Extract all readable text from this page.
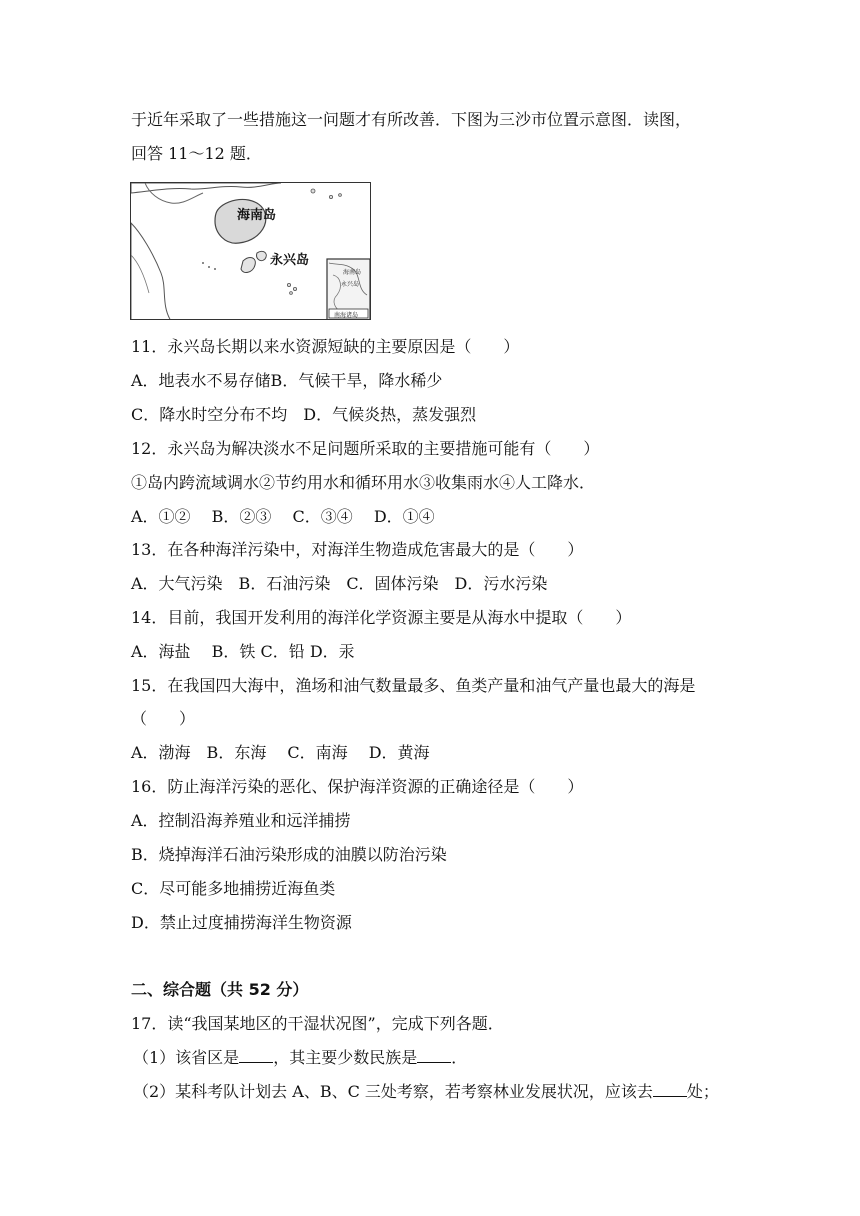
于近年采取了一些措施这一问题才有所改善．下图为三沙市位置示意图．读图，
回答 11～12 题．
海南岛
永兴岛
海南岛
永兴岛
南海诸岛
11．永兴岛长期以来水资源短缺的主要原因是（　　）
A．地表水不易存储B．气候干旱，降水稀少
C．降水时空分布不均　D．气候炎热，蒸发强烈
12．永兴岛为解决淡水不足问题所采取的主要措施可能有（　　）
①岛内跨流域调水②节约用水和循环用水③收集雨水④人工降水．
A．①②　 B．②③　 C．③④　 D．①④
13．在各种海洋污染中，对海洋生物造成危害最大的是（　　）
A．大气污染　B．石油污染　C．固体污染　D．污水污染
14．目前，我国开发利用的海洋化学资源主要是从海水中提取（　　）
A．海盐　 B．铁 C．铅 D．汞
15．在我国四大海中，渔场和油气数量最多、鱼类产量和油气产量也最大的海是
（　　）
A．渤海　B．东海　 C．南海　 D．黄海
16．防止海洋污染的恶化、保护海洋资源的正确途径是（　　）
A．控制沿海养殖业和远洋捕捞
B．烧掉海洋石油污染形成的油膜以防治污染
C．尽可能多地捕捞近海鱼类
D．禁止过度捕捞海洋生物资源
二、综合题（共 52 分）
17．读“我国某地区的干湿状况图”，完成下列各题．
（1）该省区是 ，其主要少数民族是 ．
（2）某科考队计划去 A、B、C 三处考察，若考察林业发展状况，应该去 处；
